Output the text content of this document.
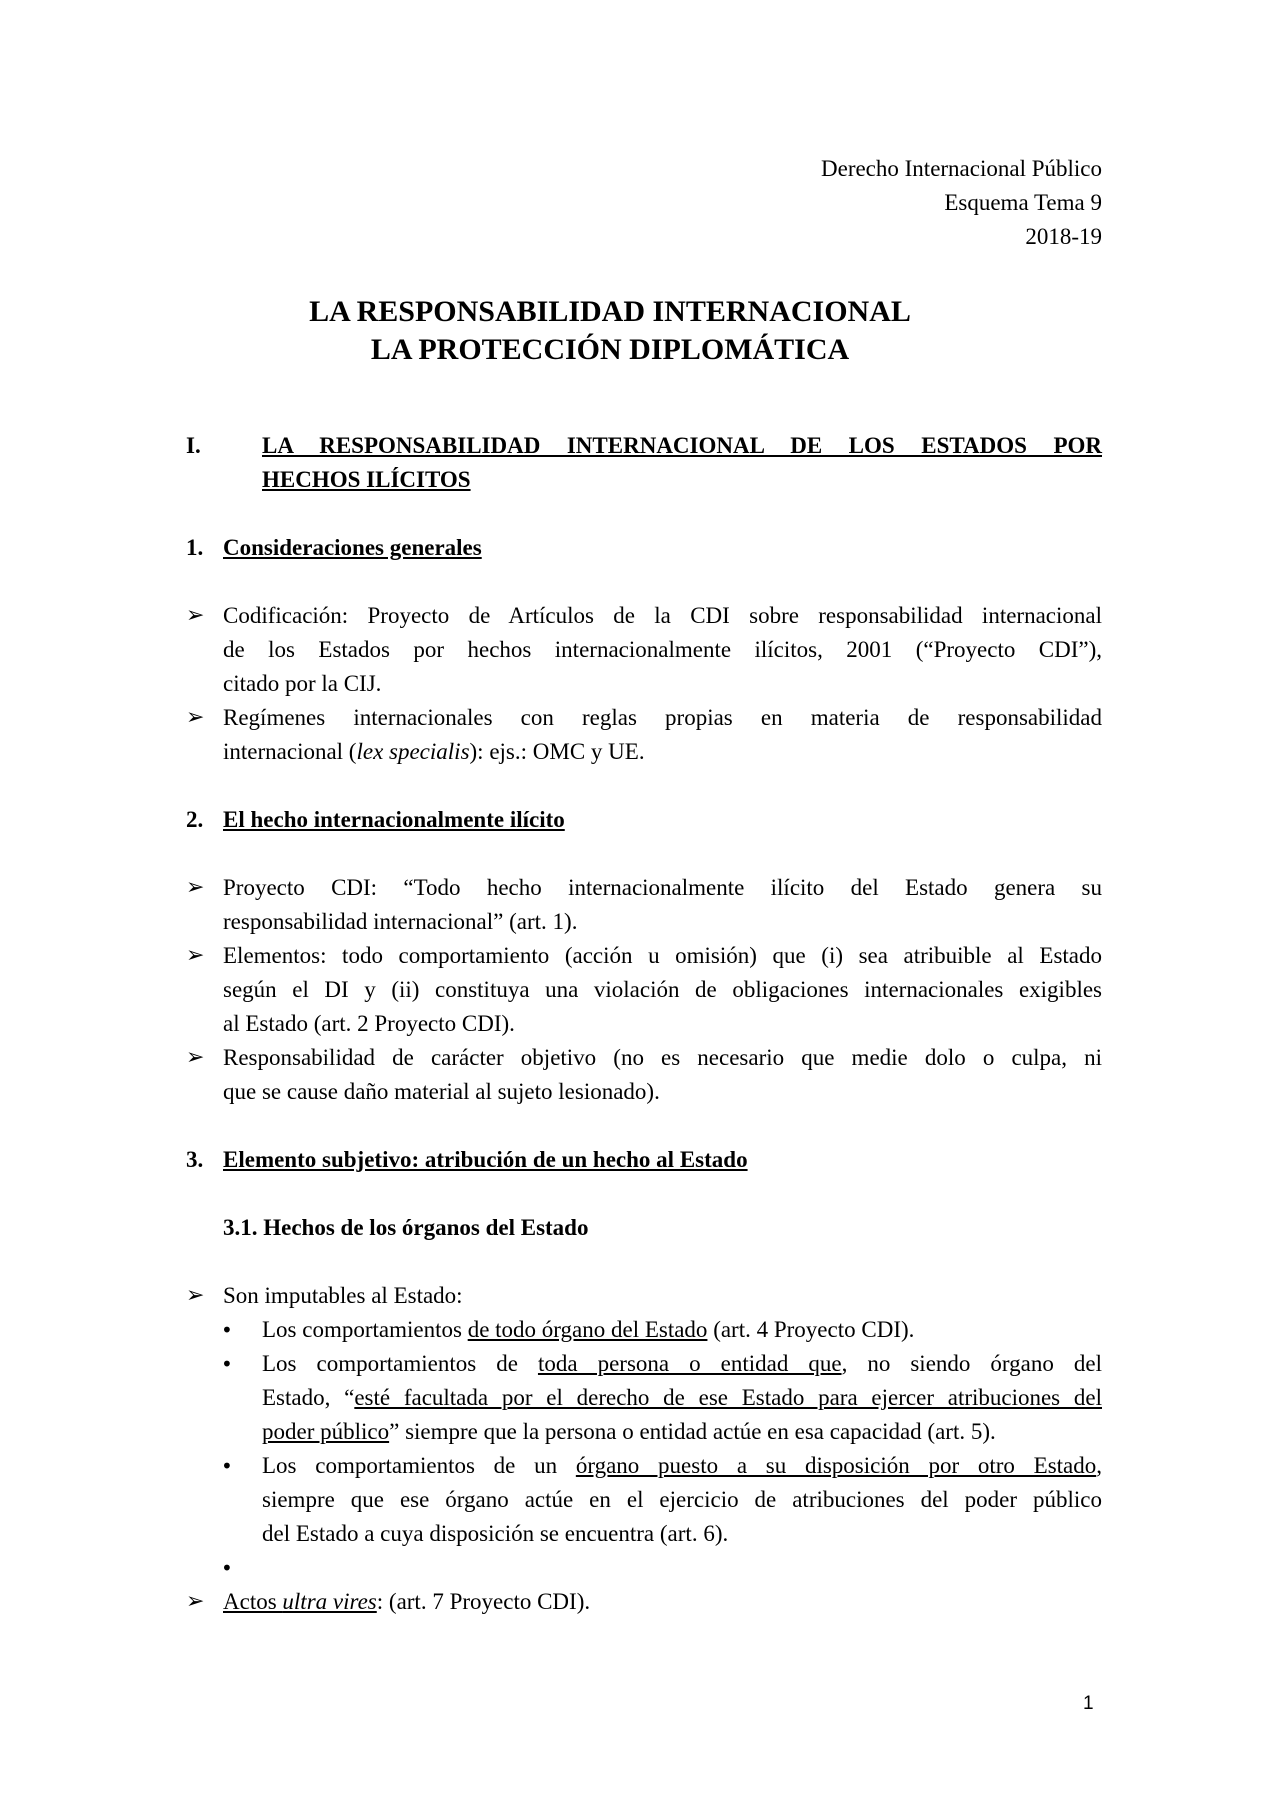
Derecho Internacional Público
Esquema Tema 9
2018-19
LA RESPONSABILIDAD INTERNACIONAL
LA PROTECCIÓN DIPLOMÁTICA
I.	LA RESPONSABILIDAD INTERNACIONAL DE LOS ESTADOS POR
HECHOS ILÍCITOS
1. Consideraciones generales
➢ Codificación: Proyecto de Artículos de la CDI sobre responsabilidad internacional
de los Estados por hechos internacionalmente ilícitos, 2001 (“Proyecto CDI”),
citado por la CIJ.
➢ Regímenes internacionales con reglas propias en materia de responsabilidad
internacional (lex specialis): ejs.: OMC y UE.
2. El hecho internacionalmente ilícito
➢ Proyecto CDI: “Todo hecho internacionalmente ilícito del Estado genera su
responsabilidad internacional” (art. 1).
➢ Elementos: todo comportamiento (acción u omisión) que (i) sea atribuible al Estado
según el DI y (ii) constituya una violación de obligaciones internacionales exigibles
al Estado (art. 2 Proyecto CDI).
➢ Responsabilidad de carácter objetivo (no es necesario que medie dolo o culpa, ni
que se cause daño material al sujeto lesionado).
3. Elemento subjetivo: atribución de un hecho al Estado
3.1. Hechos de los órganos del Estado
➢ Son imputables al Estado:
• Los comportamientos de todo órgano del Estado (art. 4 Proyecto CDI).
• Los comportamientos de toda persona o entidad que, no siendo órgano del
Estado, “esté facultada por el derecho de ese Estado para ejercer atribuciones del
poder público” siempre que la persona o entidad actúe en esa capacidad (art. 5).
• Los comportamientos de un órgano puesto a su disposición por otro Estado,
siempre que ese órgano actúe en el ejercicio de atribuciones del poder público
del Estado a cuya disposición se encuentra (art. 6).
•
➢ Actos ultra vires: (art. 7 Proyecto CDI).
1
